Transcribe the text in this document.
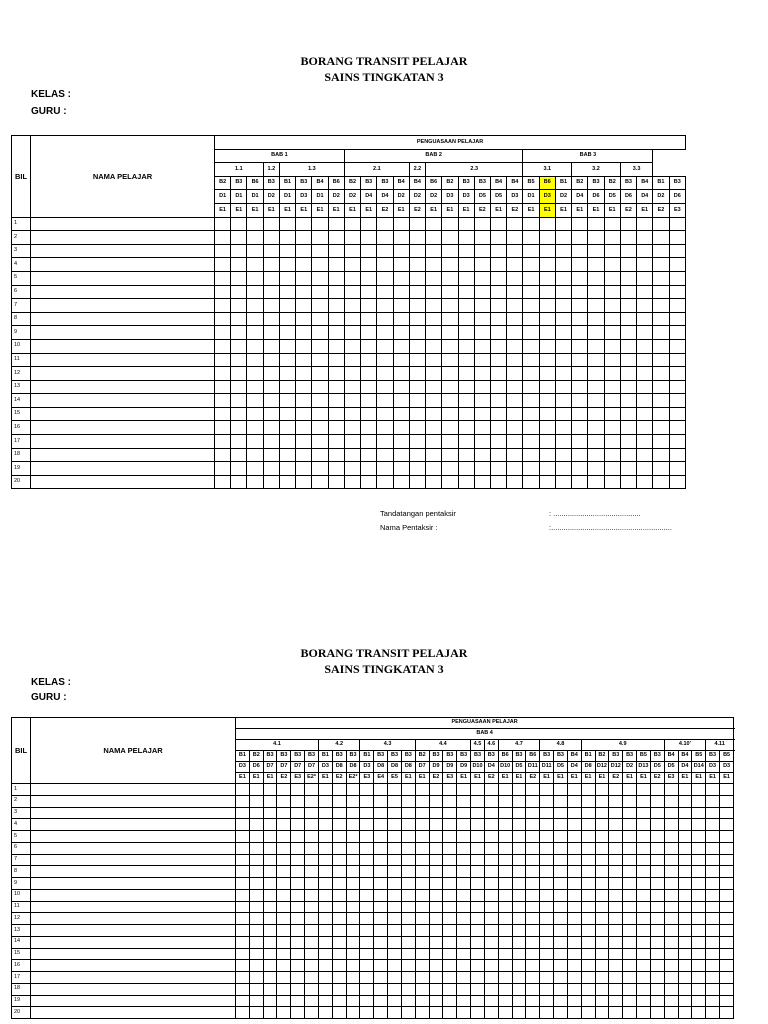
BORANG TRANSIT PELAJAR
SAINS TINGKATAN 3
KELAS :
GURU :
BIL	NAMA PELAJAR	PENGUASAAN PELAJAR																												
		BAB 1								BAB 2											BAB 3									
		1.1			1.2	1.3				2.1				2.2	2.3						3.1			3.2			3.3			
		B2	B3	B6	B3	B1	B3	B4	B6	B2	B3	B3	B4	B4	B6	B2	B3	B3	B4	B4	B5	B6	B1	B2	B3	B2	B3	B4	B1	B3
		D1	D1	D1	D2	D1	D3	D1	D2	D2	D4	D4	D2	D2	D2	D3	D3	D5	D5	D3	D1	D3	D2	D4	D6	D5	D6	D4	D2	D6
		E1	E1	E1	E1	E1	E1	E1	E1	E1	E1	E2	E1	E2	E1	E1	E1	E2	E1	E2	E1	E1	E1	E1	E1	E1	E2	E1	E2	E3
1																														
2																														
3																														
4																														
5																														
6																														
7																														
8																														
9																														
10																														
11																														
12																														
13																														
14																														
15																														
16																														
17																														
18																														
19																														
20																														
Tandatangan pentaksir	: ..........................................
Nama Pentaksir :	:..........................................................
BORANG TRANSIT PELAJAR
SAINS TINGKATAN 3
KELAS :
GURU :
BIL	NAMA PELAJAR	PENGUASAAN PELAJAR																																				
		BAB 4																																				
		4.1						4.2			4.3				4.4				4.5	4.6	4.7			4.8			4.9						4.10'			4.11	
		B1	B2	B3	B3	B3	B3	B1	B3	B3	B1	B3	B3	B3	B2	B3	B3	B3	B3	B3	B6	B3	B6	B3	B3	B4	B1	B2	B3	B3	B5	B3	B4	B4	B5	B3	B5	
		D3	D6	D7	D7	D7	D7	D3	D8	D8	D3	D8	D8	D8	D7	D9	D9	D9	D10	D4	D10	D5	D11	D11	D5	D4	D8	D12	D12	D2	D13	D5	D5	D4	D14	D3	D3	
		E1	E1	E1	E2	E3	E2*	E1	E2	E2*	E3	E4	E5	E1	E1	E2	E3	E1	E1	E2	E1	E1	E2	E1	E1	E1	E1	E1	E2	E1	E1	E2	E3	E1	E1	E1	E1	
1																																						
2																																						
3																																						
4																																						
5																																						
6																																						
7																																						
8																																						
9																																						
10																																						
11																																						
12																																						
13																																						
14																																						
15																																						
16																																						
17																																						
18																																						
19																																						
20																																						
